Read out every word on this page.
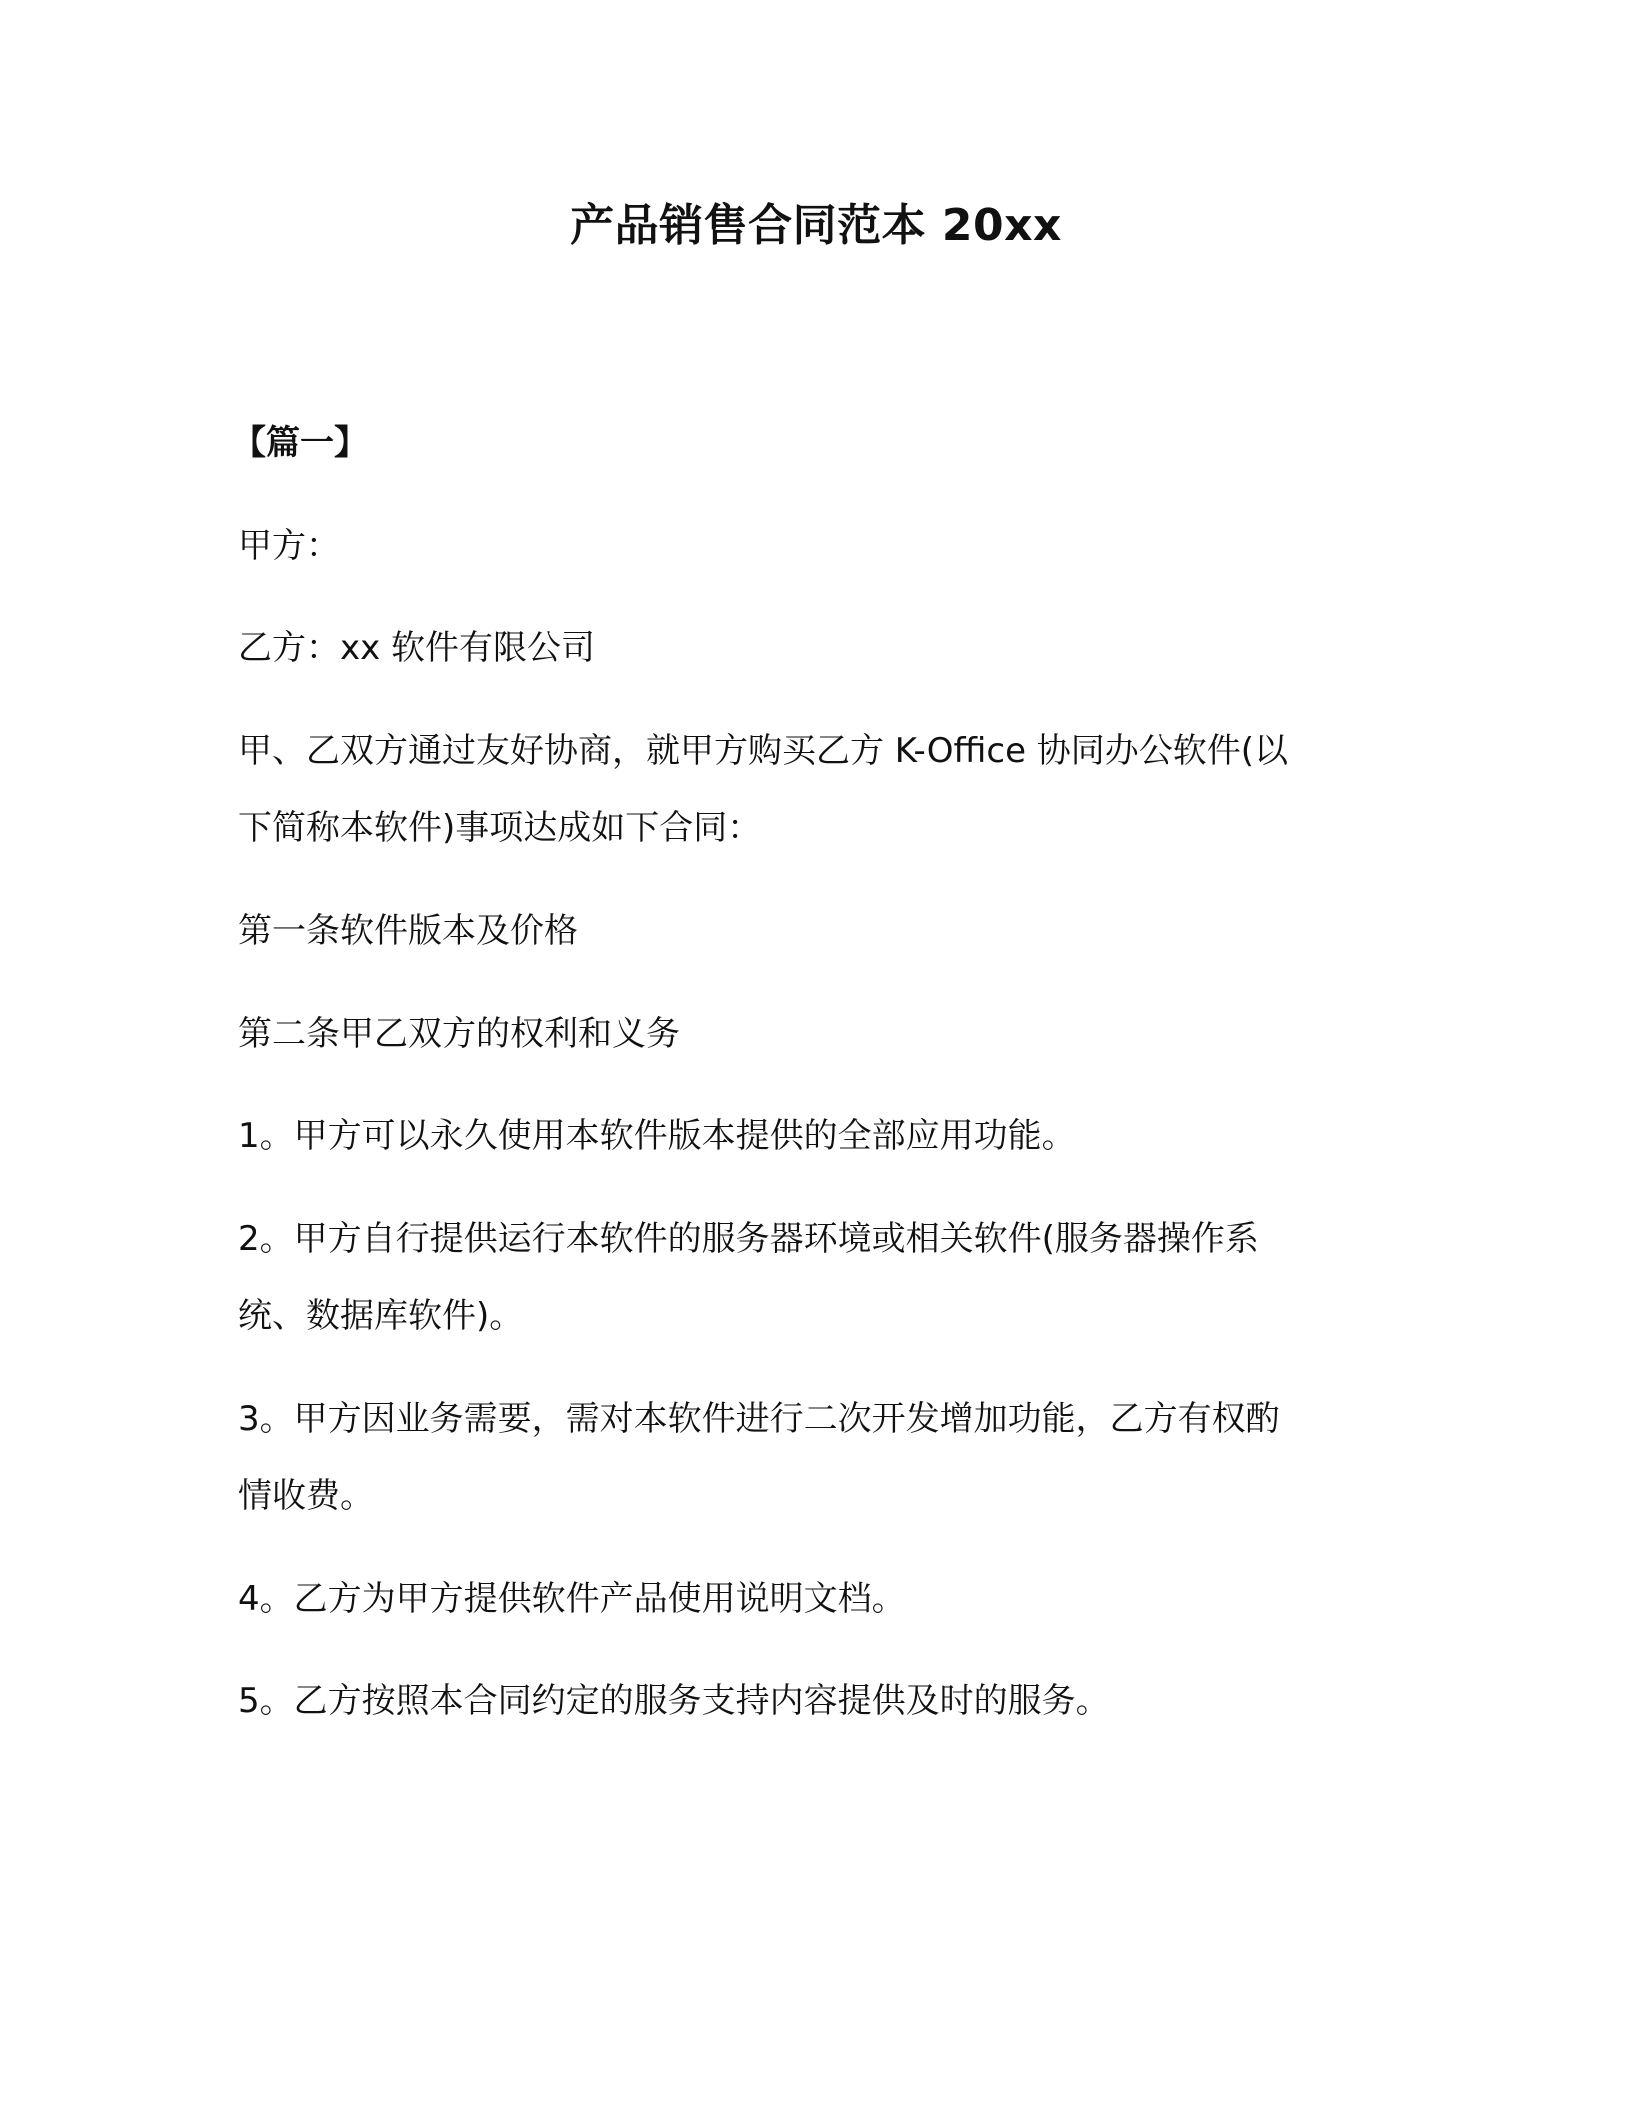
产品销售合同范本 20xx
【篇一】
甲方：
乙方：xx 软件有限公司
甲、乙双方通过友好协商，就甲方购买乙方 K-Office 协同办公软件(以
下简称本软件)事项达成如下合同：
第一条软件版本及价格
第二条甲乙双方的权利和义务
1。甲方可以永久使用本软件版本提供的全部应用功能。
2。甲方自行提供运行本软件的服务器环境或相关软件(服务器操作系
统、数据库软件)。
3。甲方因业务需要，需对本软件进行二次开发增加功能，乙方有权酌
情收费。
4。乙方为甲方提供软件产品使用说明文档。
5。乙方按照本合同约定的服务支持内容提供及时的服务。
